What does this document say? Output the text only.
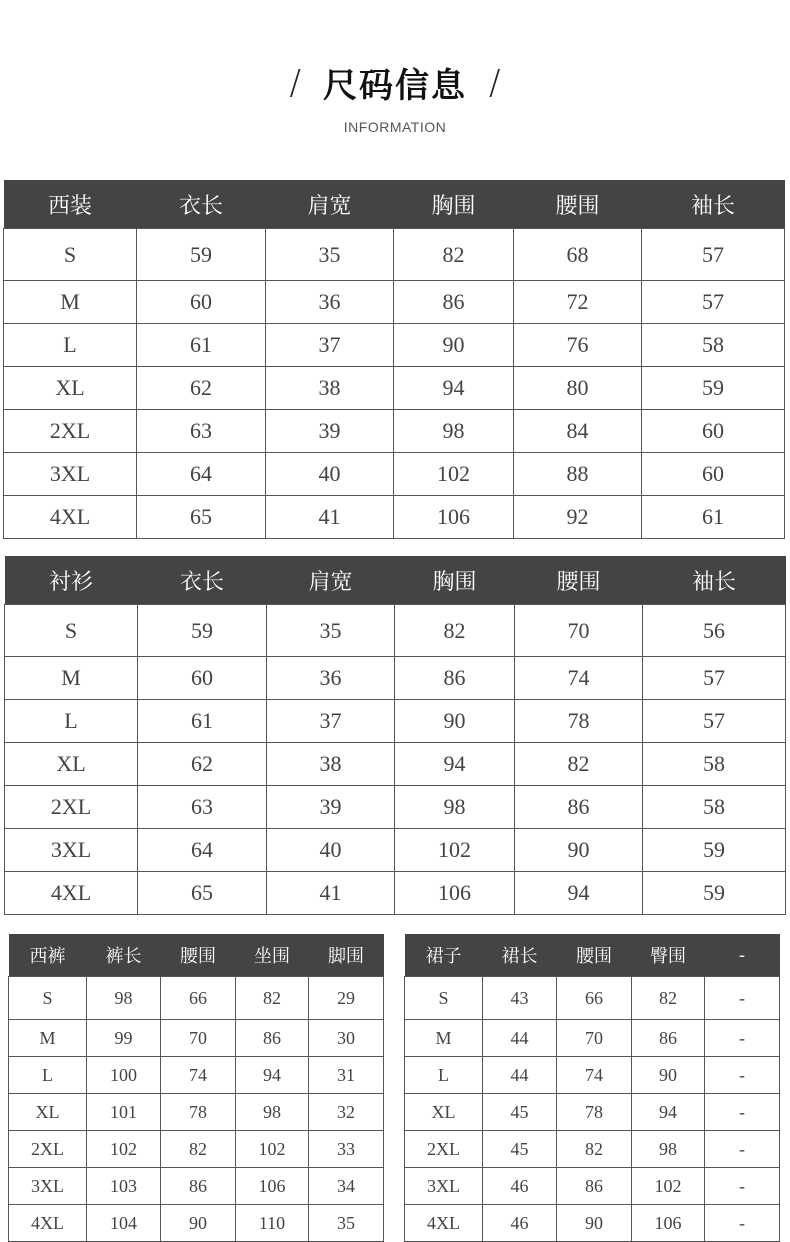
/ 尺码信息 /
INFORMATION
西装	衣长	肩宽	胸围	腰围	袖长
S	59	35	82	68	57
M	60	36	86	72	57
L	61	37	90	76	58
XL	62	38	94	80	59
2XL	63	39	98	84	60
3XL	64	40	102	88	60
4XL	65	41	106	92	61
衬衫	衣长	肩宽	胸围	腰围	袖长
S	59	35	82	70	56
M	60	36	86	74	57
L	61	37	90	78	57
XL	62	38	94	82	58
2XL	63	39	98	86	58
3XL	64	40	102	90	59
4XL	65	41	106	94	59
西裤	裤长	腰围	坐围	脚围
S	98	66	82	29
M	99	70	86	30
L	100	74	94	31
XL	101	78	98	32
2XL	102	82	102	33
3XL	103	86	106	34
4XL	104	90	110	35
裙子	裙长	腰围	臀围	-
S	43	66	82	-
M	44	70	86	-
L	44	74	90	-
XL	45	78	94	-
2XL	45	82	98	-
3XL	46	86	102	-
4XL	46	90	106	-
